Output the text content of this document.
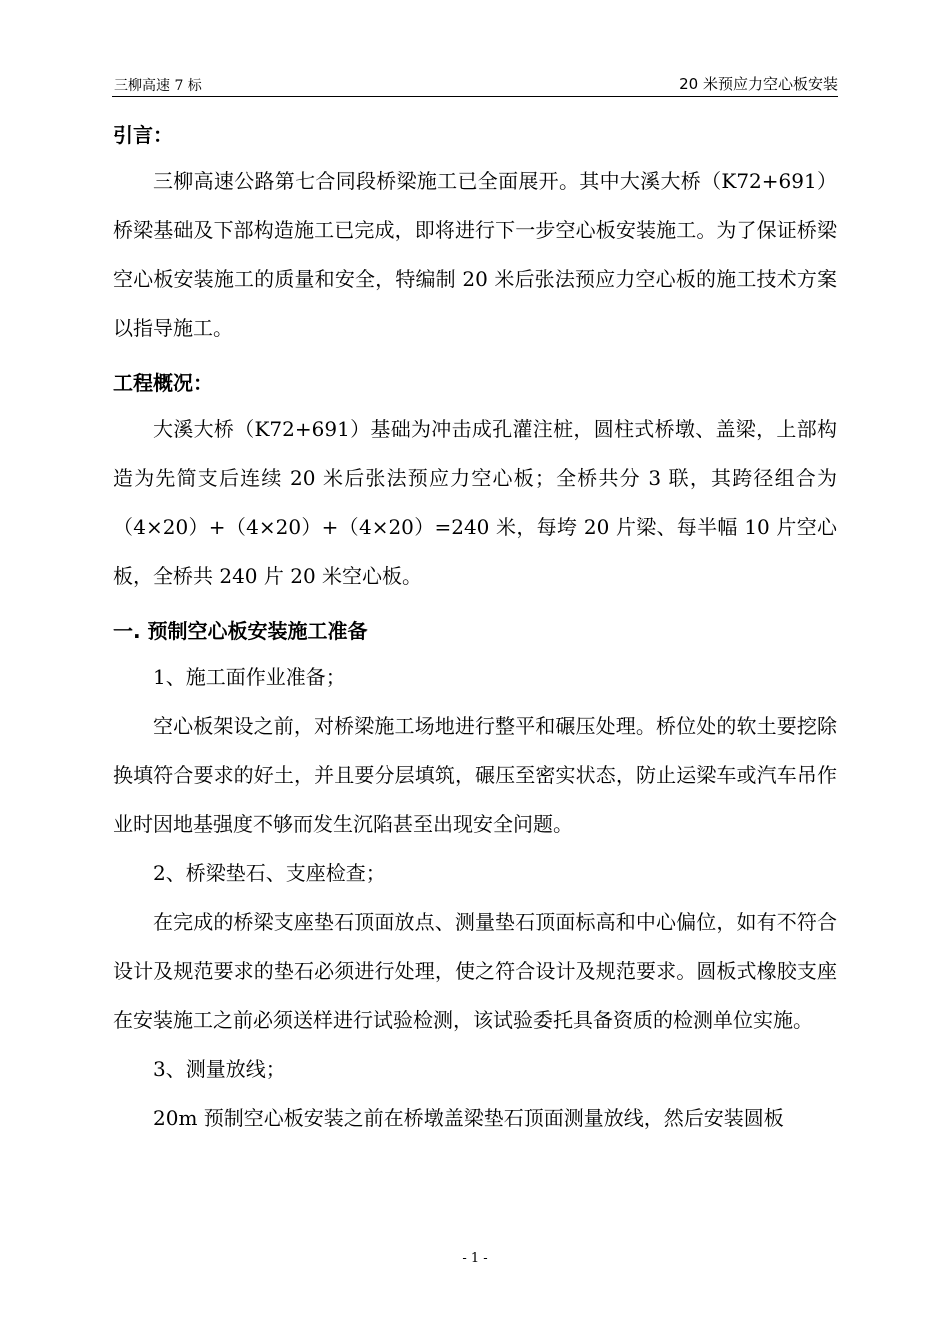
三柳高速 7 标	20 米预应力空心板安装
引言：

三柳高速公路第七合同段桥梁施工已全面展开。其中大溪大桥（K72+691）桥梁基础及下部构造施工已完成，即将进行下一步空心板安装施工。为了保证桥梁空心板安装施工的质量和安全，特编制 20 米后张法预应力空心板的施工技术方案以指导施工。

工程概况：

大溪大桥（K72+691）基础为冲击成孔灌注桩，圆柱式桥墩、盖梁，上部构造为先简支后连续 20 米后张法预应力空心板；全桥共分 3 联，其跨径组合为（4×20）+（4×20）+（4×20）=240 米，每垮 20 片梁、每半幅 10 片空心板，全桥共 240 片 20 米空心板。

一. 预制空心板安装施工准备

1、施工面作业准备；

空心板架设之前，对桥梁施工场地进行整平和碾压处理。桥位处的软土要挖除换填符合要求的好土，并且要分层填筑，碾压至密实状态，防止运梁车或汽车吊作业时因地基强度不够而发生沉陷甚至出现安全问题。

2、桥梁垫石、支座检查；

在完成的桥梁支座垫石顶面放点、测量垫石顶面标高和中心偏位，如有不符合设计及规范要求的垫石必须进行处理，使之符合设计及规范要求。圆板式橡胶支座在安装施工之前必须送样进行试验检测，该试验委托具备资质的检测单位实施。

3、测量放线；

20m 预制空心板安装之前在桥墩盖梁垫石顶面测量放线，然后安装圆板

- 1 -
